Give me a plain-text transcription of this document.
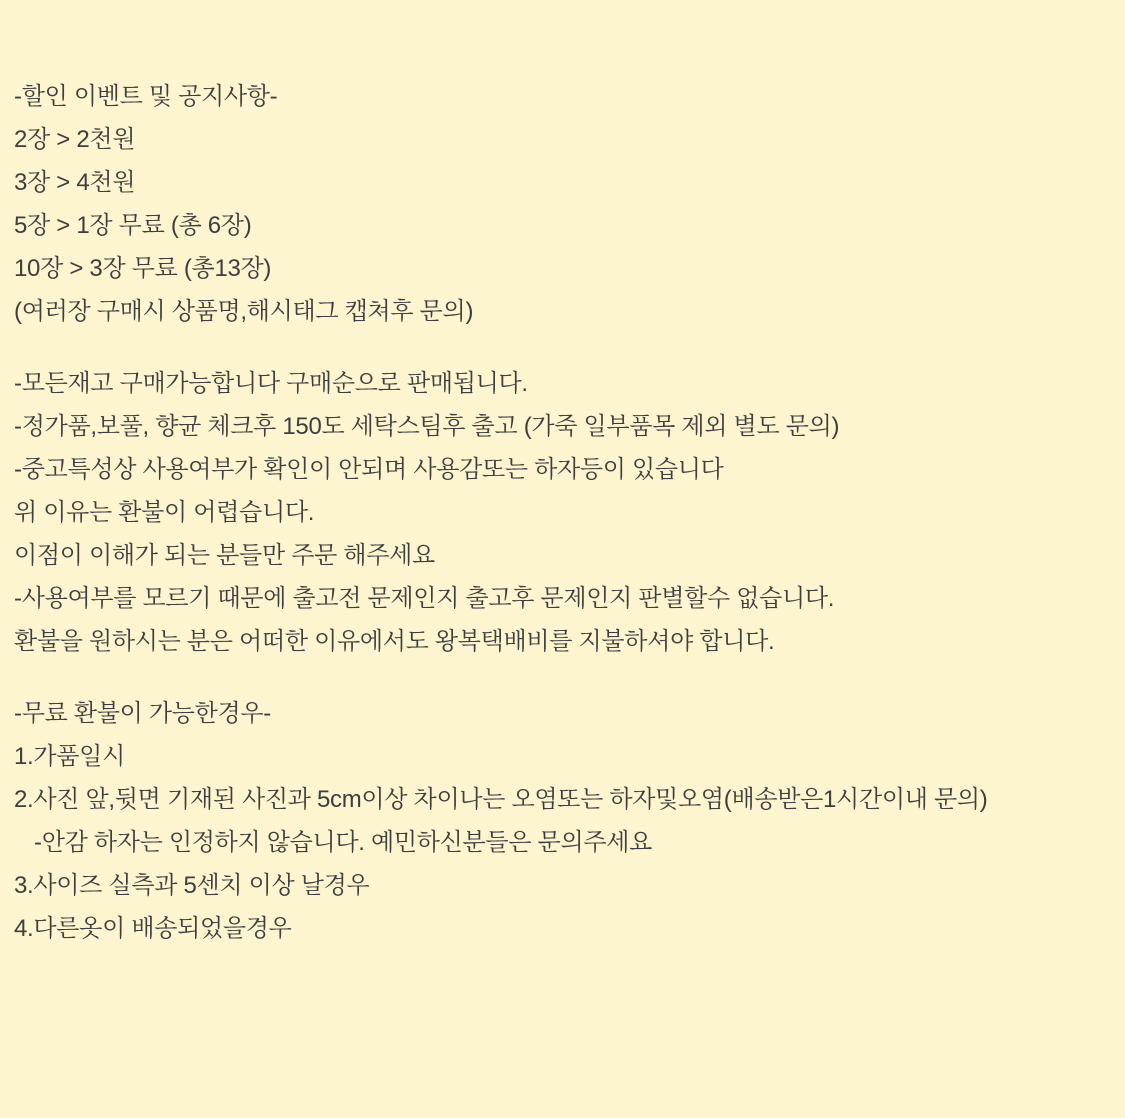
-할인 이벤트 및 공지사항-

2장 > 2천원

3장 > 4천원

5장 > 1장 무료 (총 6장)

10장 > 3장 무료 (총13장)

(여러장 구매시 상품명,해시태그 캡쳐후 문의)

-모든재고 구매가능합니다 구매순으로 판매됩니다.

-정가품,보풀, 향균 체크후 150도 세탁스팀후 출고 (가죽 일부품목 제외 별도 문의)

-중고특성상 사용여부가 확인이 안되며 사용감또는 하자등이 있습니다

위 이유는 환불이 어렵습니다.

이점이 이해가 되는 분들만 주문 해주세요

-사용여부를 모르기 때문에 출고전 문제인지 출고후 문제인지 판별할수 없습니다.

환불을 원하시는 분은 어떠한 이유에서도 왕복택배비를 지불하셔야 합니다.

-무료 환불이 가능한경우-

1.가품일시

2.사진 앞,뒷면 기재된 사진과 5cm이상 차이나는 오염또는 하자및오염(배송받은1시간이내 문의)

-안감 하자는 인정하지 않습니다. 예민하신분들은 문의주세요

3.사이즈 실측과 5센치 이상 날경우

4.다른옷이 배송되었을경우
